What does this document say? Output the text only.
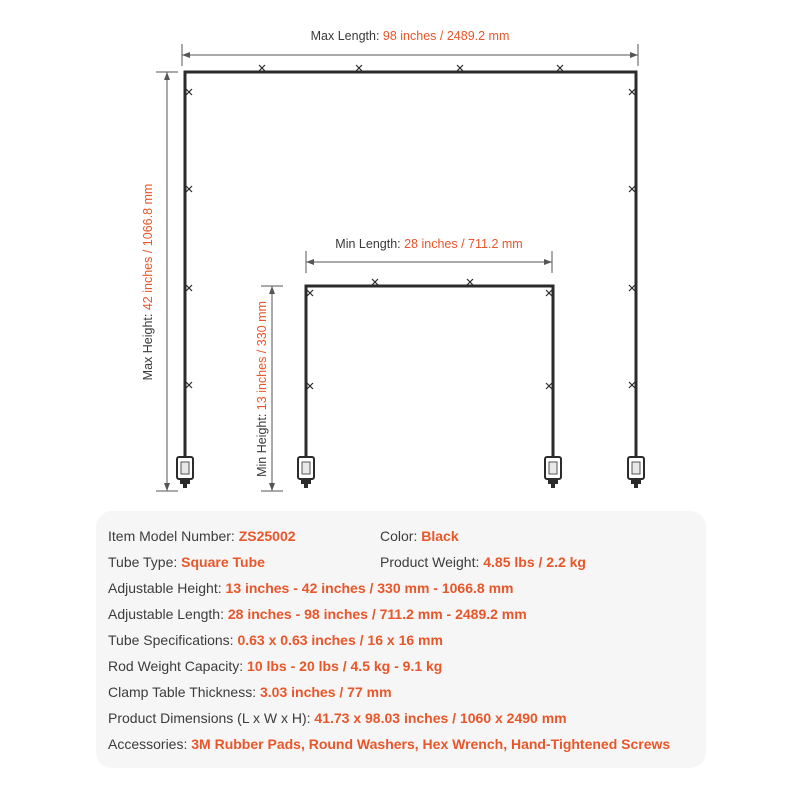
Max Length: 98 inches / 2489.2 mm
Max Height: 42 inches / 1066.8 mm	Min Length: 28 inches / 711.2 mm
Min Height: 13 inches / 330 mm
Item Model Number: ZS25002	Color: Black
Tube Type: Square Tube	Product Weight: 4.85 lbs / 2.2 kg
Adjustable Height: 13 inches - 42 inches / 330 mm - 1066.8 mm
Adjustable Length: 28 inches - 98 inches / 711.2 mm - 2489.2 mm
Tube Specifications: 0.63 x 0.63 inches / 16 x 16 mm
Rod Weight Capacity: 10 lbs - 20 lbs / 4.5 kg - 9.1 kg
Clamp Table Thickness: 3.03 inches / 77 mm
Product Dimensions (L x W x H): 41.73 x 98.03 inches / 1060 x 2490 mm
Accessories: 3M Rubber Pads, Round Washers, Hex Wrench, Hand-Tightened Screws
